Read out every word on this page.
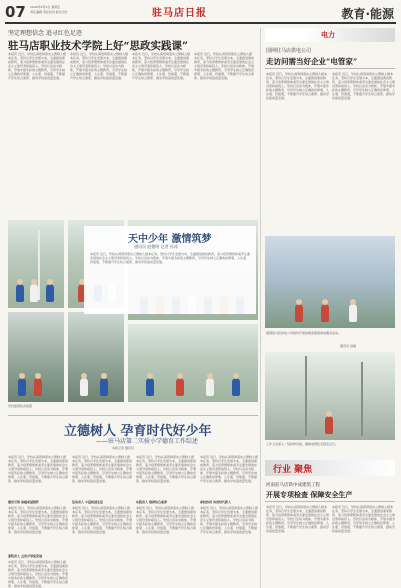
07 2024年8月9日 星期五
责任编辑 责任校对 版式设计	驻马店日报	教育·能源
坚定理想信念 追寻红色足迹
驻马店职业技术学院上好“思政实践课”
本报讯 近日，学校认真贯彻落实立德树人根本任务，坚持以学生发展为本，全面推进素质教育，着力培养德智体美劳全面发展的社会主义建设者和接班人。学校以活动为载体，开展丰富多彩的主题教育，引导学生树立正确的世界观、人生观、价值观，不断提升学生综合素养，推动学校高质量发展。
本报讯 近日，学校认真贯彻落实立德树人根本任务，坚持以学生发展为本，全面推进素质教育，着力培养德智体美劳全面发展的社会主义建设者和接班人。学校以活动为载体，开展丰富多彩的主题教育，引导学生树立正确的世界观、人生观、价值观，不断提升学生综合素养，推动学校高质量发展。
本报讯 近日，学校认真贯彻落实立德树人根本任务，坚持以学生发展为本，全面推进素质教育，着力培养德智体美劳全面发展的社会主义建设者和接班人。学校以活动为载体，开展丰富多彩的主题教育，引导学生树立正确的世界观、人生观、价值观，不断提升学生综合素养，推动学校高质量发展。
本报讯 近日，学校认真贯彻落实立德树人根本任务，坚持以学生发展为本，全面推进素质教育，着力培养德智体美劳全面发展的社会主义建设者和接班人。学校以活动为载体，开展丰富多彩的主题教育，引导学生树立正确的世界观、人生观、价值观，不断提升学生综合素养，推动学校高质量发展。
电力
国网驻马店供电公司
走访问需当好企业“电管家”
本报讯 近日，学校认真贯彻落实立德树人根本任务，坚持以学生发展为本，全面推进素质教育，着力培养德智体美劳全面发展的社会主义建设者和接班人。学校以活动为载体，开展丰富多彩的主题教育，引导学生树立正确的世界观、人生观、价值观，不断提升学生综合素养，推动学校高质量发展。
本报讯 近日，学校认真贯彻落实立德树人根本任务，坚持以学生发展为本，全面推进素质教育，着力培养德智体美劳全面发展的社会主义建设者和接班人。学校以活动为载体，开展丰富多彩的主题教育，引导学生树立正确的世界观、人生观、价值观，不断提升学生综合素养，推动学校高质量发展。
天中少年 激情筑梦
通讯员 赵德明 记者 孙涛
本报讯 近日，学校认真贯彻落实立德树人根本任务，坚持以学生发展为本，全面推进素质教育，着力培养德智体美劳全面发展的社会主义建设者和接班人。学校以活动为载体，开展丰富多彩的主题教育，引导学生树立正确的世界观、人生观、价值观，不断提升学生综合素养，推动学校高质量发展。
学校篮球队训练照
国网驻马店供电公司组织开展迎峰度夏保供电服务活动。
通讯员 供稿
工作人员深入一线检修设备，确保电网安全稳定运行。
立德树人 孕育时代好少年
——驻马店第二实验小学德育工作综述
本报记者 通讯员
本报讯 近日，学校认真贯彻落实立德树人根本任务，坚持以学生发展为本，全面推进素质教育，着力培养德智体美劳全面发展的社会主义建设者和接班人。学校以活动为载体，开展丰富多彩的主题教育，引导学生树立正确的世界观、人生观、价值观，不断提升学生综合素养，推动学校高质量发展。
德育引领 厚植家国情怀
本报讯 近日，学校认真贯彻落实立德树人根本任务，坚持以学生发展为本，全面推进素质教育，着力培养德智体美劳全面发展的社会主义建设者和接班人。学校以活动为载体，开展丰富多彩的主题教育，引导学生树立正确的世界观、人生观、价值观，不断提升学生综合素养，推动学校高质量发展。
课程育人 五育并举促发展
本报讯 近日，学校认真贯彻落实立德树人根本任务，坚持以学生发展为本，全面推进素质教育，着力培养德智体美劳全面发展的社会主义建设者和接班人。学校以活动为载体，开展丰富多彩的主题教育，引导学生树立正确的世界观、人生观、价值观，不断提升学生综合素养，推动学校高质量发展。
本报讯 近日，学校认真贯彻落实立德树人根本任务，坚持以学生发展为本，全面推进素质教育，着力培养德智体美劳全面发展的社会主义建设者和接班人。学校以活动为载体，开展丰富多彩的主题教育，引导学生树立正确的世界观、人生观、价值观，不断提升学生综合素养，推动学校高质量发展。
活动育人 丰富校园生活
本报讯 近日，学校认真贯彻落实立德树人根本任务，坚持以学生发展为本，全面推进素质教育，着力培养德智体美劳全面发展的社会主义建设者和接班人。学校以活动为载体，开展丰富多彩的主题教育，引导学生树立正确的世界观、人生观、价值观，不断提升学生综合素养，推动学校高质量发展。
本报讯 近日，学校认真贯彻落实立德树人根本任务，坚持以学生发展为本，全面推进素质教育，着力培养德智体美劳全面发展的社会主义建设者和接班人。学校以活动为载体，开展丰富多彩的主题教育，引导学生树立正确的世界观、人生观、价值观，不断提升学生综合素养，推动学校高质量发展。
实践育人 培养综合素养
本报讯 近日，学校认真贯彻落实立德树人根本任务，坚持以学生发展为本，全面推进素质教育，着力培养德智体美劳全面发展的社会主义建设者和接班人。学校以活动为载体，开展丰富多彩的主题教育，引导学生树立正确的世界观、人生观、价值观，不断提升学生综合素养，推动学校高质量发展。
本报讯 近日，学校认真贯彻落实立德树人根本任务，坚持以学生发展为本，全面推进素质教育，着力培养德智体美劳全面发展的社会主义建设者和接班人。学校以活动为载体，开展丰富多彩的主题教育，引导学生树立正确的世界观、人生观、价值观，不断提升学生综合素养，推动学校高质量发展。
家校协同 共育时代新人
本报讯 近日，学校认真贯彻落实立德树人根本任务，坚持以学生发展为本，全面推进素质教育，着力培养德智体美劳全面发展的社会主义建设者和接班人。学校以活动为载体，开展丰富多彩的主题教育，引导学生树立正确的世界观、人生观、价值观，不断提升学生综合素养，推动学校高质量发展。
行业 聚焦
河南驻马店新中成建筑工程
开展专项检查 保障安全生产
本报讯 近日，学校认真贯彻落实立德树人根本任务，坚持以学生发展为本，全面推进素质教育，着力培养德智体美劳全面发展的社会主义建设者和接班人。学校以活动为载体，开展丰富多彩的主题教育，引导学生树立正确的世界观、人生观、价值观，不断提升学生综合素养，推动学校高质量发展。
本报讯 近日，学校认真贯彻落实立德树人根本任务，坚持以学生发展为本，全面推进素质教育，着力培养德智体美劳全面发展的社会主义建设者和接班人。学校以活动为载体，开展丰富多彩的主题教育，引导学生树立正确的世界观、人生观、价值观，不断提升学生综合素养，推动学校高质量发展。
